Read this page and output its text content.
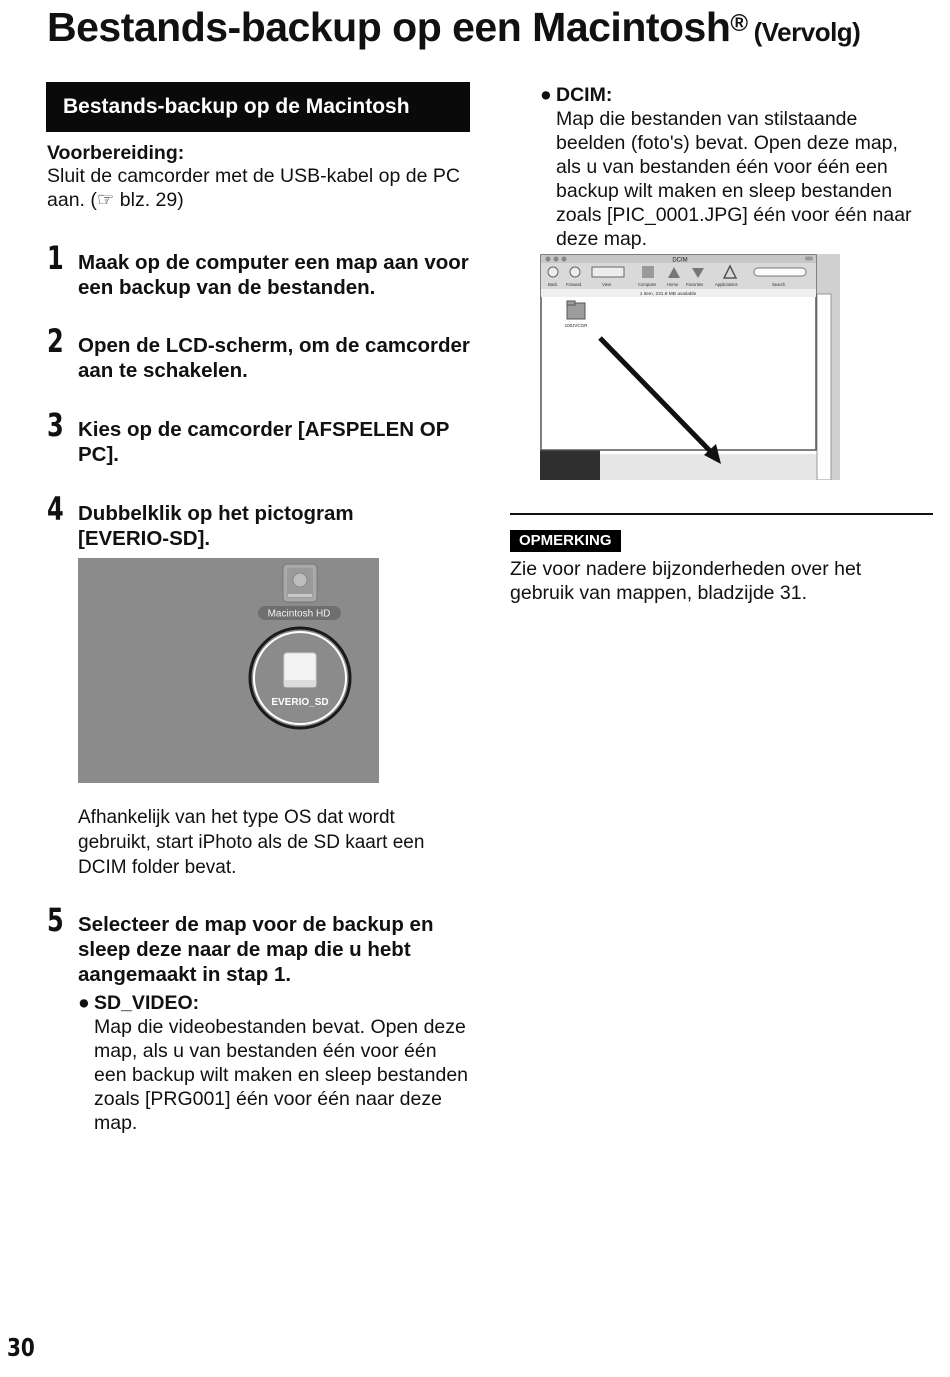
Bestands-backup op een Macintosh® (Vervolg)
Bestands-backup op de Macintosh
Voorbereiding:
Sluit de camcorder met de USB-kabel op de PC aan. (☞ blz. 29)
1 Maak op de computer een map aan voor een backup van de bestanden.
2 Open de LCD-scherm, om de camcorder aan te schakelen.
3 Kies op de camcorder [AFSPELEN OP PC].
4 Dubbelklik op het pictogram [EVERIO-SD].
Macintosh HD
EVERIO_SD
Afhankelijk van het type OS dat wordt gebruikt, start iPhoto als de SD kaart een DCIM folder bevat.
5 Selecteer de map voor de backup en sleep deze naar de map die u hebt aangemaakt in stap 1.
● SD_VIDEO:
Map die videobestanden bevat. Open deze map, als u van bestanden één voor één een backup wilt maken en sleep bestanden zoals [PRG001] één voor één naar deze map.
● DCIM:
Map die bestanden van stilstaande beelden (foto's) bevat. Open deze map, als u van bestanden één voor één een backup wilt maken en sleep bestanden zoals [PIC_0001.JPG] één voor één naar deze map.
DCIM
Back Forward	View	Computer	Home Favorites	Applications	Search
1 item, 231.9 MB available
100JVCGR
OPMERKING
Zie voor nadere bijzonderheden over het gebruik van mappen, bladzijde 31.
30
